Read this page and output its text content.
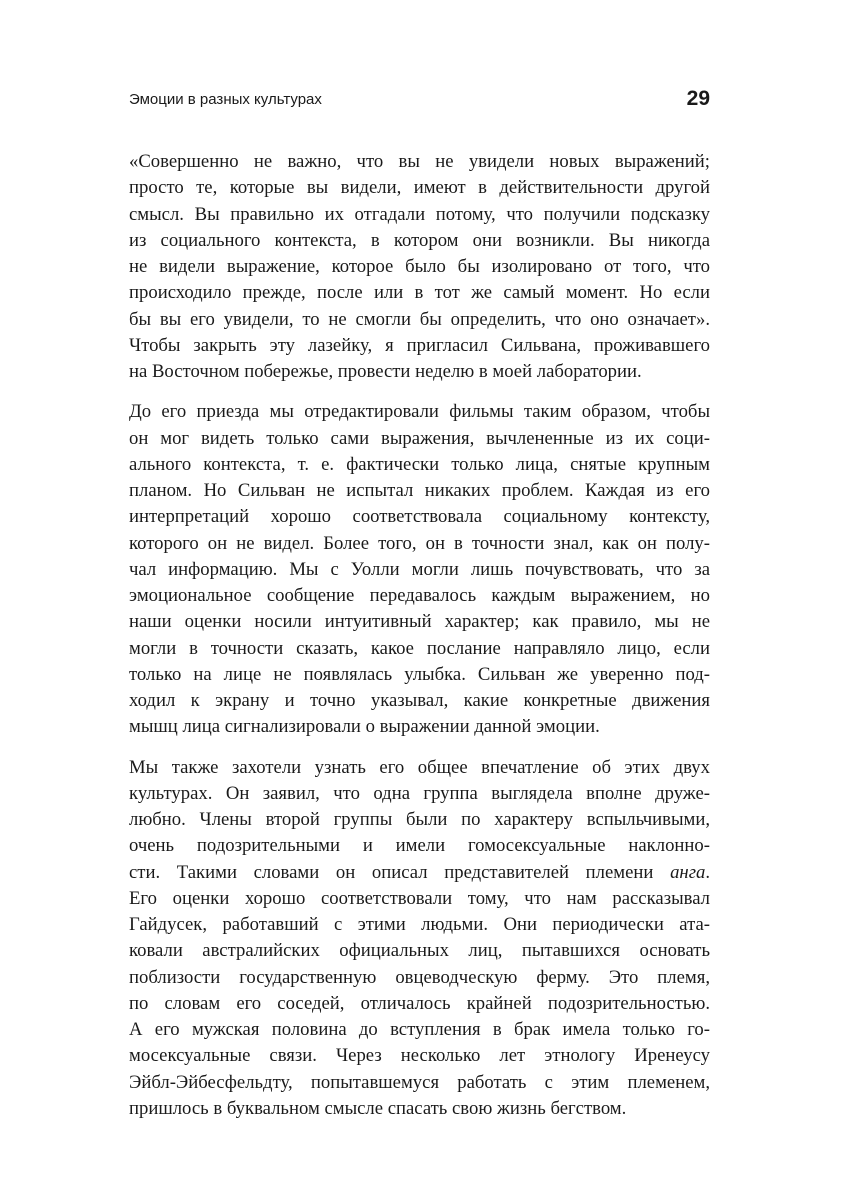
Эмоции в разных культурах	29
«Совершенно не важно, что вы не увидели новых выражений;
просто те, которые вы видели, имеют в действительности другой
смысл. Вы правильно их отгадали потому, что получили подсказку
из социального контекста, в котором они возникли. Вы никогда
не видели выражение, которое было бы изолировано от того, что
происходило прежде, после или в тот же самый момент. Но если
бы вы его увидели, то не смогли бы определить, что оно означает».
Чтобы закрыть эту лазейку, я пригласил Сильвана, проживавшего
на Восточном побережье, провести неделю в моей лаборатории.
До его приезда мы отредактировали фильмы таким образом, чтобы
он мог видеть только сами выражения, вычлененные из их соци-
ального контекста, т. е. фактически только лица, снятые крупным
планом. Но Сильван не испытал никаких проблем. Каждая из его
интерпретаций хорошо соответствовала социальному контексту,
которого он не видел. Более того, он в точности знал, как он полу-
чал информацию. Мы с Уолли могли лишь почувствовать, что за
эмоциональное сообщение передавалось каждым выражением, но
наши оценки носили интуитивный характер; как правило, мы не
могли в точности сказать, какое послание направляло лицо, если
только на лице не появлялась улыбка. Сильван же уверенно под-
ходил к экрану и точно указывал, какие конкретные движения
мышц лица сигнализировали о выражении данной эмоции.
Мы также захотели узнать его общее впечатление об этих двух
культурах. Он заявил, что одна группа выглядела вполне друже-
любно. Члены второй группы были по характеру вспыльчивыми,
очень подозрительными и имели гомосексуальные наклонно-
сти. Такими словами он описал представителей племени анга.
Его оценки хорошо соответствовали тому, что нам рассказывал
Гайдусек, работавший с этими людьми. Они периодически ата-
ковали австралийских официальных лиц, пытавшихся основать
поблизости государственную овцеводческую ферму. Это племя,
по словам его соседей, отличалось крайней подозрительностью.
А его мужская половина до вступления в брак имела только го-
мосексуальные связи. Через несколько лет этнологу Иренеусу
Эйбл-Эйбесфельдту, попытавшемуся работать с этим племенем,
пришлось в буквальном смысле спасать свою жизнь бегством.
